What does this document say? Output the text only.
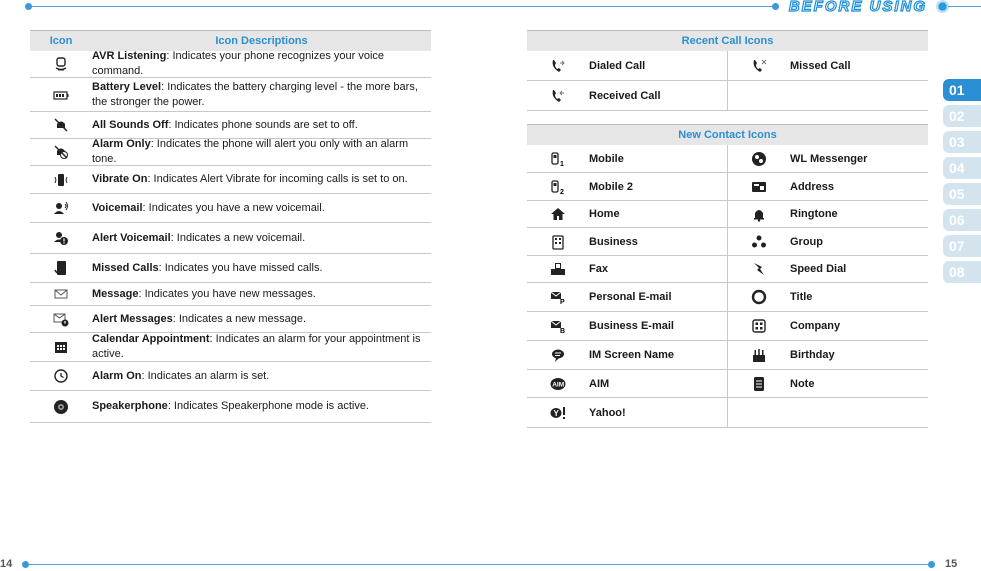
BEFORE USING
Icon	Icon Descriptions
AVR Listening: Indicates your phone recognizes your voice command.
Battery Level: Indicates the battery charging level - the more bars, the stronger the power.
All Sounds Off: Indicates phone sounds are set to off.
Alarm Only: Indicates the phone will alert you only with an alarm tone.
Vibrate On: Indicates Alert Vibrate for incoming calls is set to on.
Voicemail: Indicates you have a new voicemail.
Alert Voicemail: Indicates a new voicemail.
Missed Calls: Indicates you have missed calls.
Message: Indicates you have new messages.
Alert Messages: Indicates a new message.
Calendar Appointment: Indicates an alarm for your appointment is active.
Alarm On: Indicates an alarm is set.
Speakerphone: Indicates Speakerphone mode is active.
Recent Call Icons
Dialed Call	Missed Call
Received Call
New Contact Icons
1 Mobile	WL Messenger
2 Mobile 2	Address
Home	Ringtone
Business	Group
Fax	Speed Dial
P Personal E-mail	Title
B Business E-mail	Company
IM Screen Name	Birthday
AIM AIM	Note
Y	Yahoo!
01
02
03
04
05
06
07
08
14	15
